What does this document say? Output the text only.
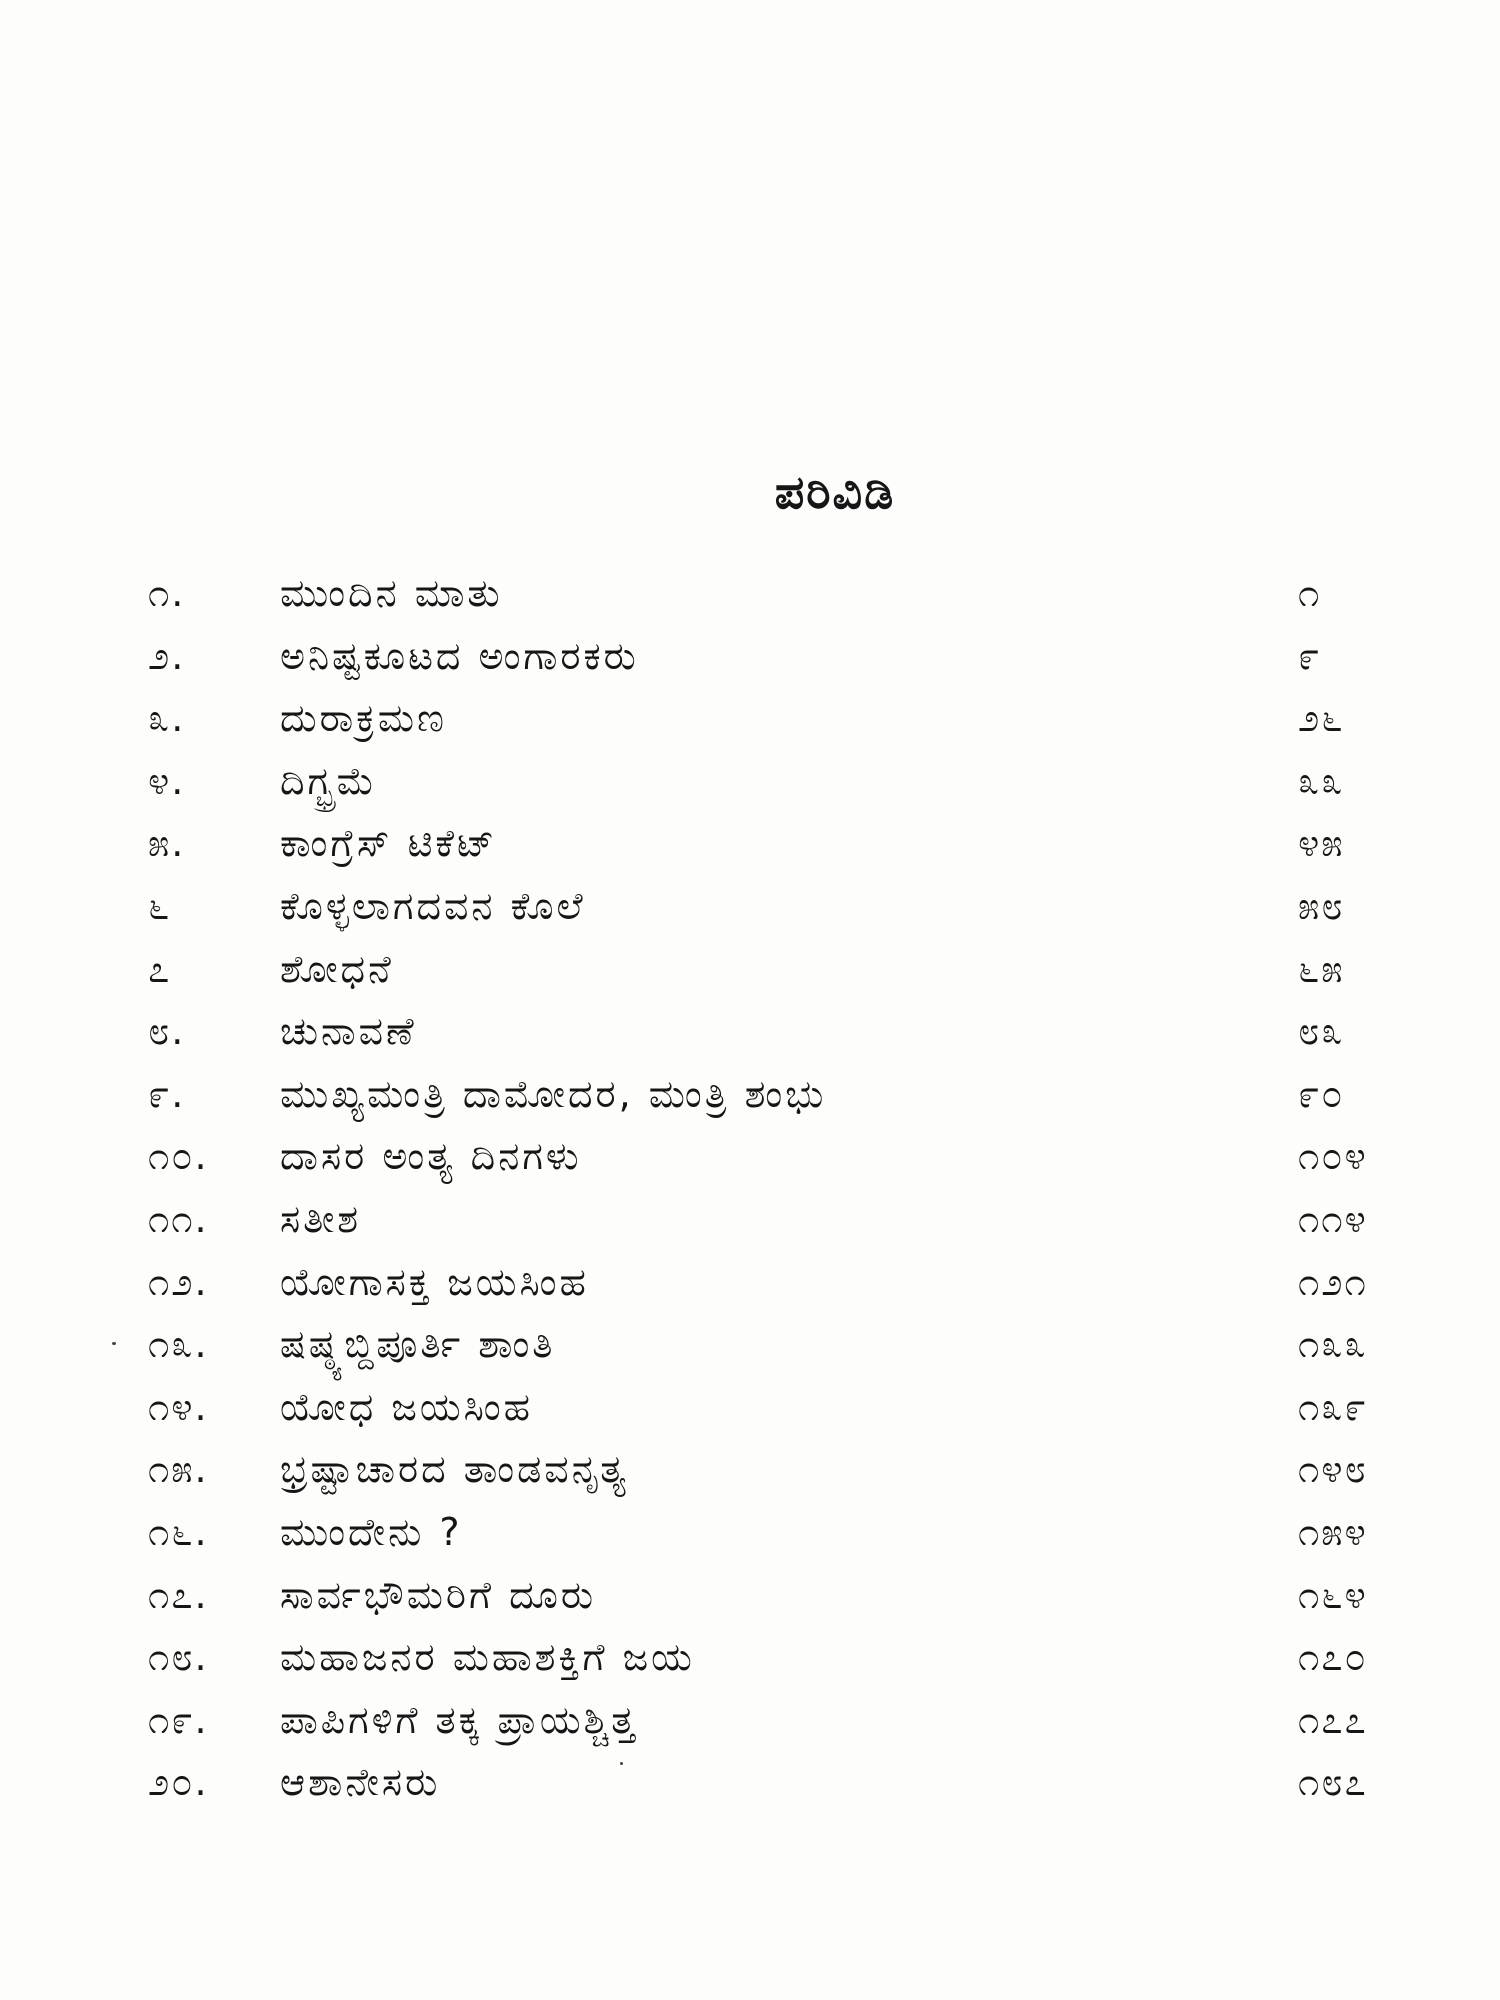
ಪರಿವಿಡಿ
೧.	ಮುಂದಿನ ಮಾತು	೧
೨.	ಅನಿಷ್ಟಕೂಟದ ಅಂಗಾರಕರು	೯
೩.	ದುರಾಕ್ರಮಣ	೨೬
೪.	ದಿಗ್ಭ್ರಮೆ	೩೩
೫.	ಕಾಂಗ್ರೆಸ್ ಟಿಕೆಟ್	೪೫
೬	ಕೊಳ್ಳಲಾಗದವನ ಕೊಲೆ	೫೮
೭	ಶೋಧನೆ	೬೫
೮.	ಚುನಾವಣೆ	೮೩
೯.	ಮುಖ್ಯಮಂತ್ರಿ ದಾಮೋದರ, ಮಂತ್ರಿ ಶಂಭು	೯೦
೧೦.	ದಾಸರ ಅಂತ್ಯ ದಿನಗಳು	೧೦೪
೧೧.	ಸತೀಶ	೧೧೪
೧೨.	ಯೋಗಾಸಕ್ತ ಜಯಸಿಂಹ	೧೨೧
೧೩.	ಷಷ್ಠ್ಯಬ್ದಿಪೂರ್ತಿ ಶಾಂತಿ	೧೩೩
೧೪.	ಯೋಧ ಜಯಸಿಂಹ	೧೩೯
೧೫.	ಭ್ರಷ್ಟಾಚಾರದ ತಾಂಡವನೃತ್ಯ	೧೪೮
೧೬.	ಮುಂದೇನು ?	೧೫೪
೧೭.	ಸಾರ್ವಭೌಮರಿಗೆ ದೂರು	೧೬೪
೧೮.	ಮಹಾಜನರ ಮಹಾಶಕ್ತಿಗೆ ಜಯ	೧೭೦
೧೯.	ಪಾಪಿಗಳಿಗೆ ತಕ್ಕ ಪ್ರಾಯಶ್ಚಿತ್ತ	೧೭೭
೨೦.	ಆಶಾನೇಸರು	೧೮೭
